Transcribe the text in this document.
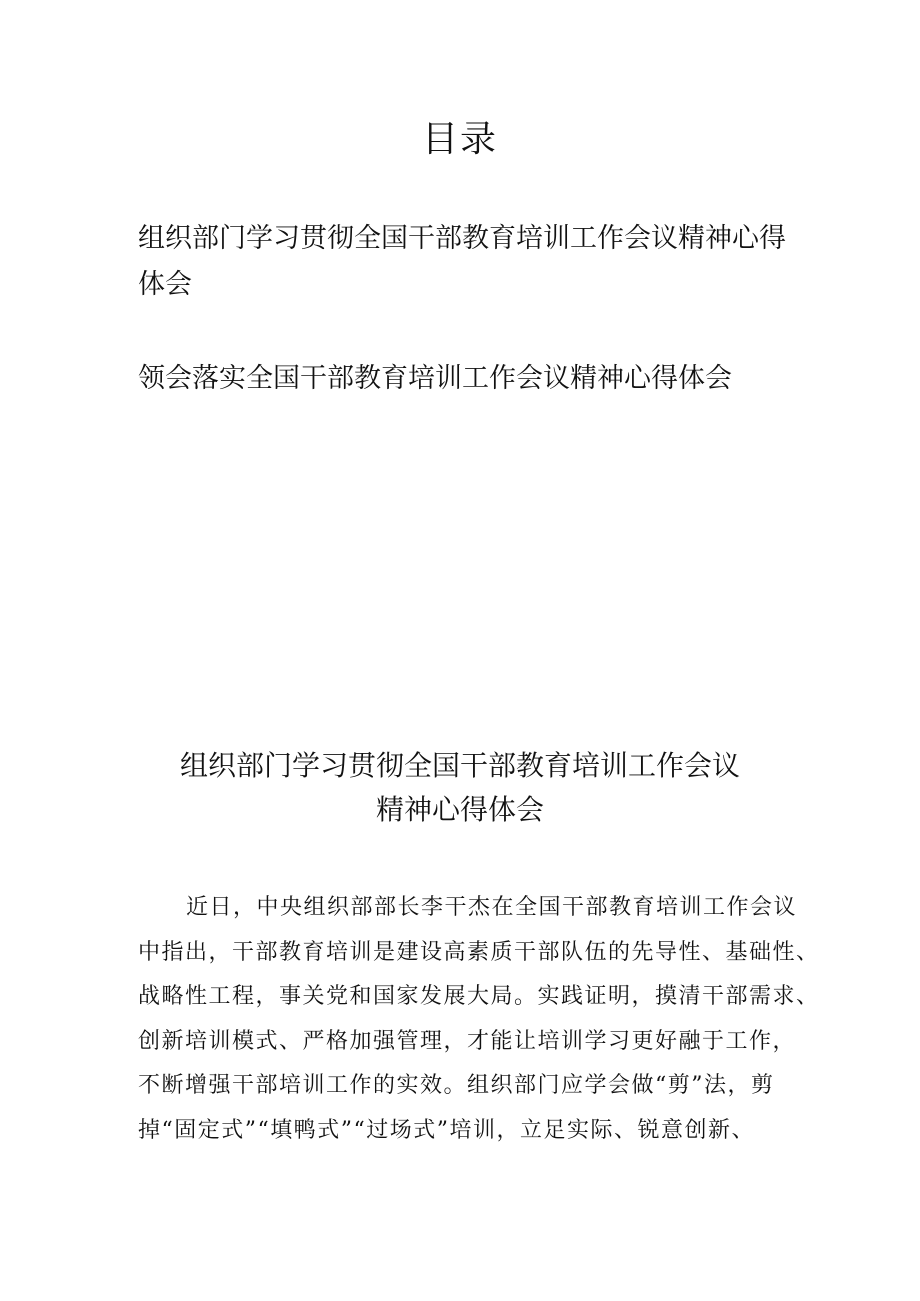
目录

组织部门学习贯彻全国干部教育培训工作会议精神心得体会

领会落实全国干部教育培训工作会议精神心得体会

组织部门学习贯彻全国干部教育培训工作会议
精神心得体会
近日，中央组织部部长李干杰在全国干部教育培训工作会议
中指出，干部教育培训是建设高素质干部队伍的先导性、基础性、
战略性工程，事关党和国家发展大局。实践证明，摸清干部需求、
创新培训模式、严格加强管理，才能让培训学习更好融于工作，
不断增强干部培训工作的实效。组织部门应学会做“剪”法，剪
掉“固定式”“填鸭式”“过场式”培训，立足实际、锐意创新、
